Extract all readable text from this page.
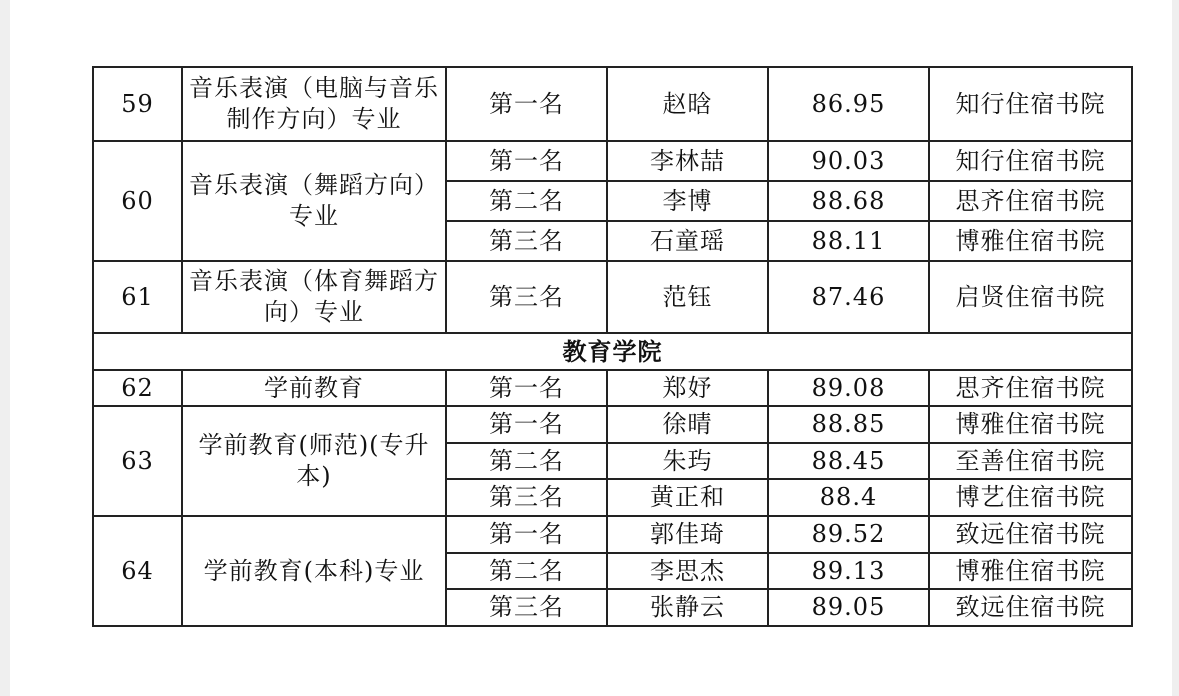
59	音乐表演（电脑与音乐制作方向）专业	第一名	赵晗	86.95	知行住宿书院
60	音乐表演（舞蹈方向）专业	第一名	李林喆	90.03	知行住宿书院
		第二名	李博	88.68	思齐住宿书院
		第三名	石童瑶	88.11	博雅住宿书院
61	音乐表演（体育舞蹈方向）专业	第三名	范钰	87.46	启贤住宿书院
教育学院					
62	学前教育	第一名	郑妤	89.08	思齐住宿书院
63	学前教育(师范)(专升本)	第一名	徐晴	88.85	博雅住宿书院
		第二名	朱玙	88.45	至善住宿书院
		第三名	黄正和	88.4	博艺住宿书院
64	学前教育(本科)专业	第一名	郭佳琦	89.52	致远住宿书院
		第二名	李思杰	89.13	博雅住宿书院
		第三名	张静云	89.05	致远住宿书院
